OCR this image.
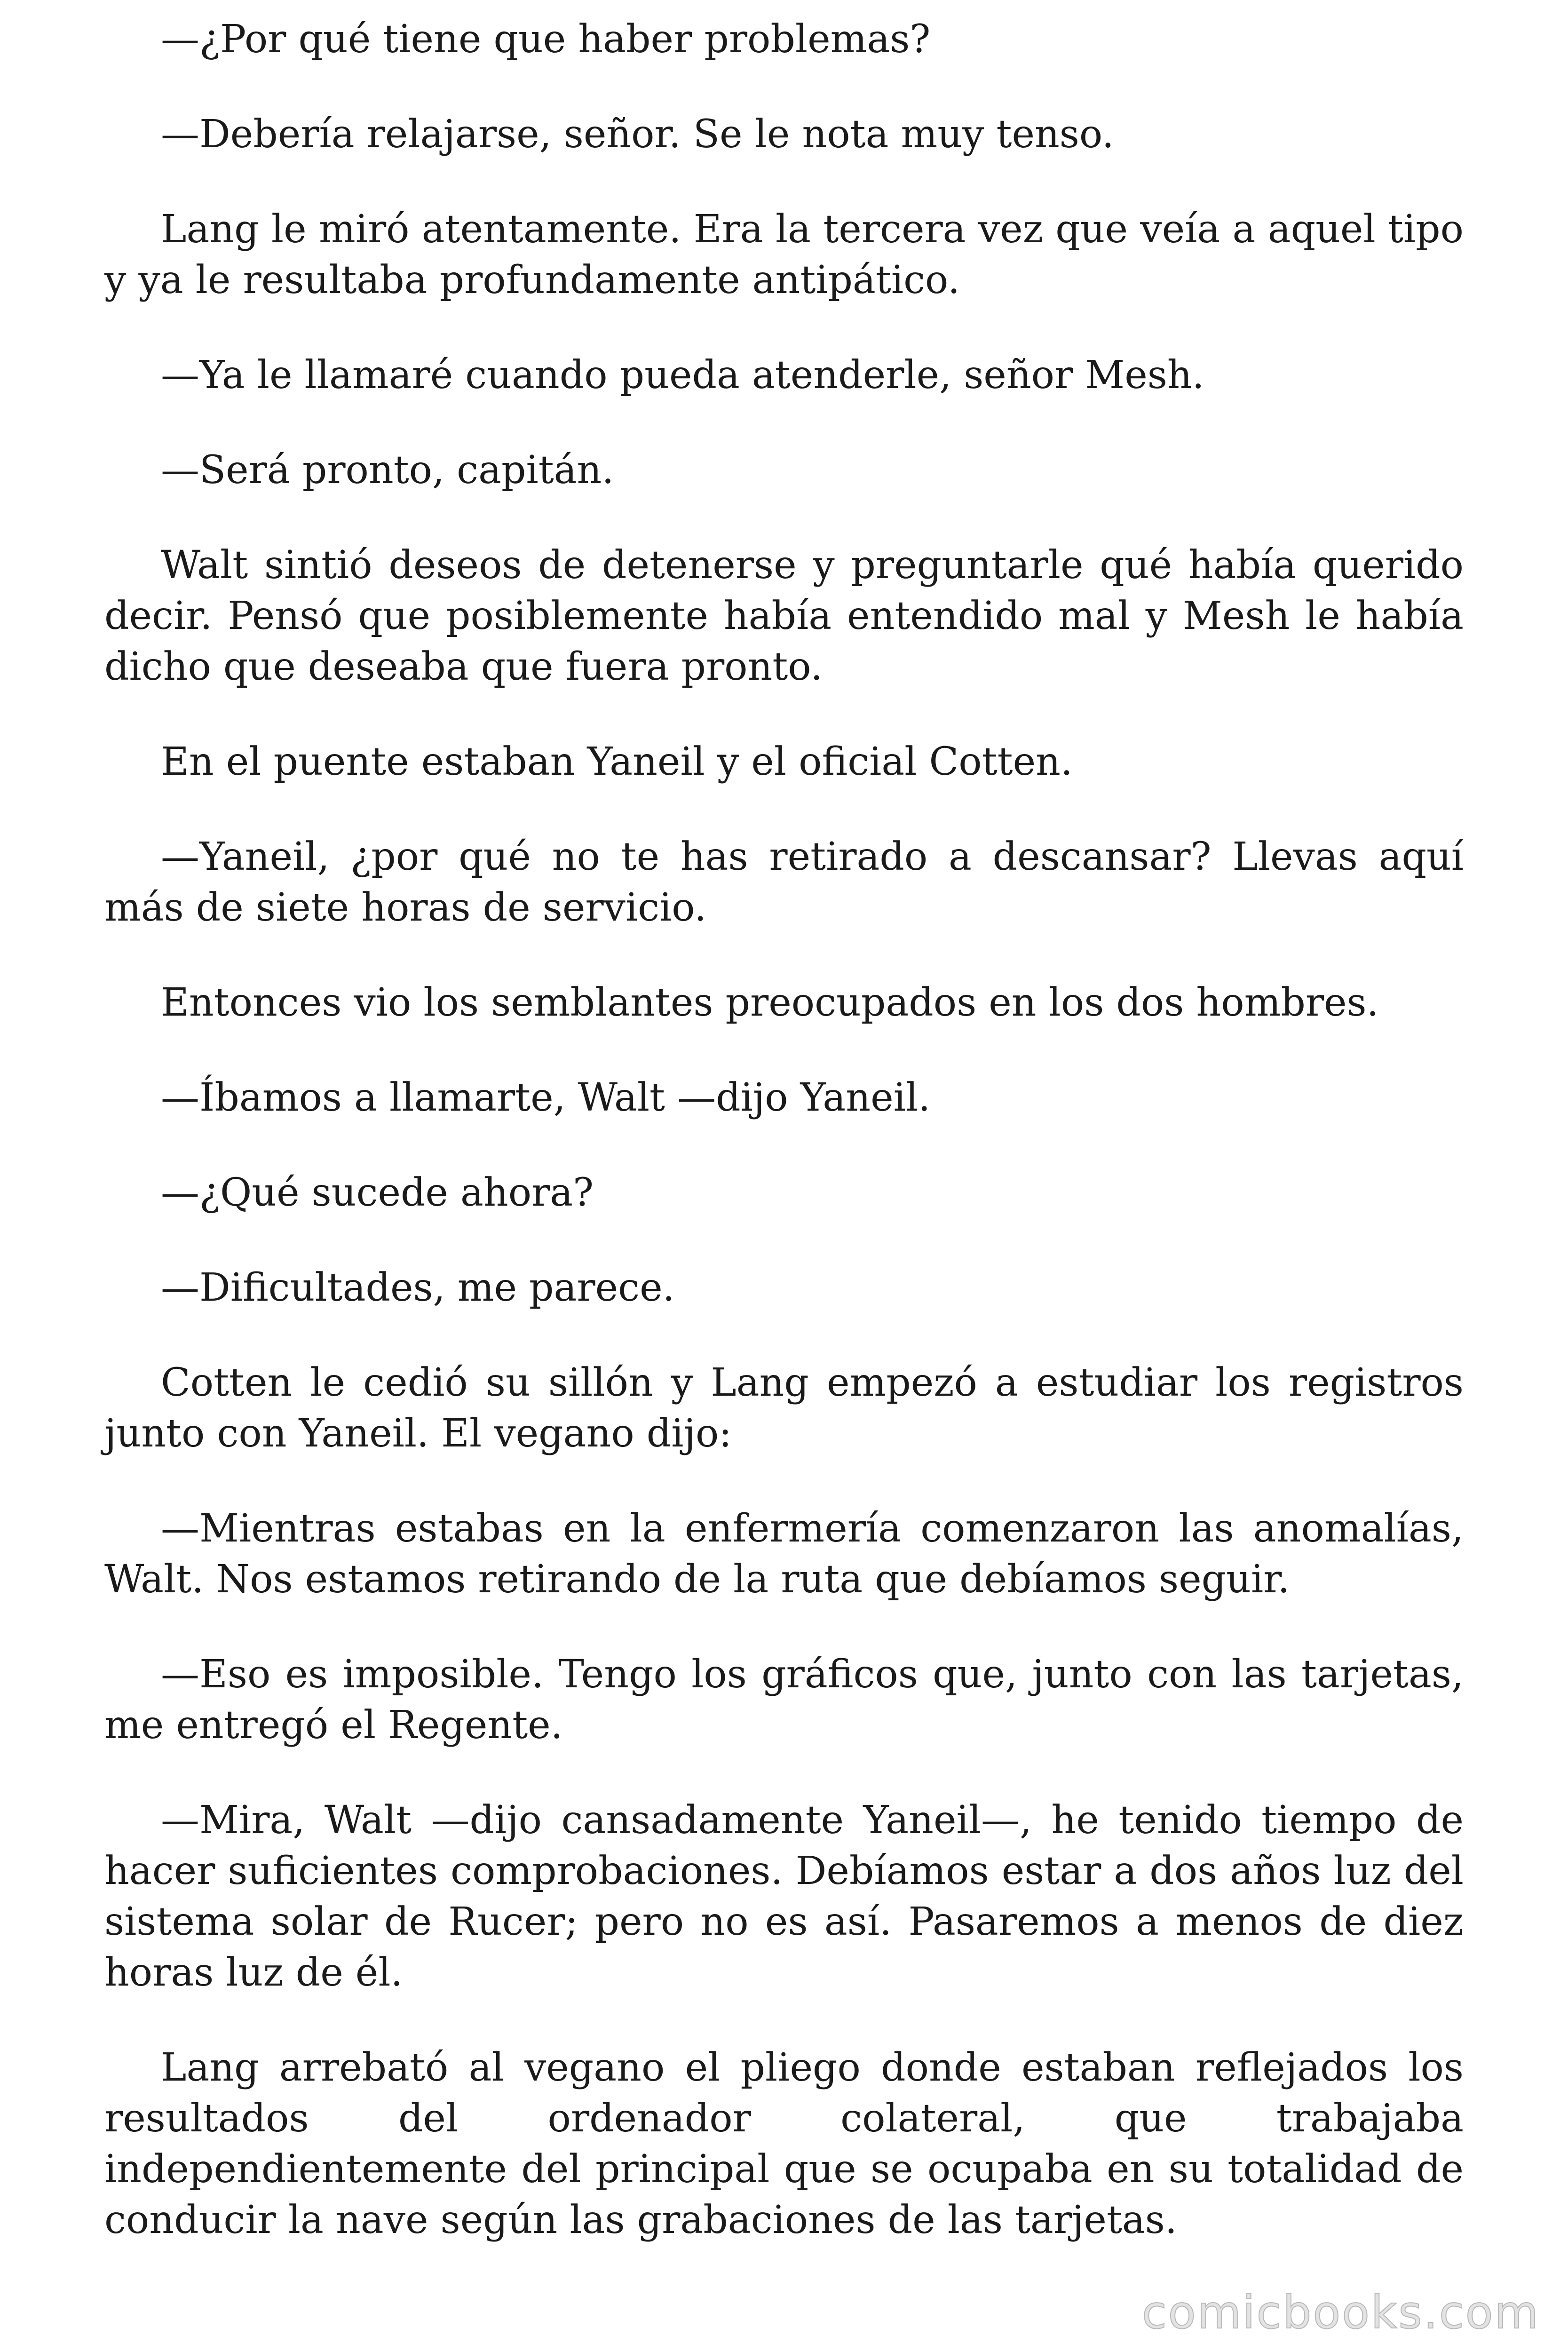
—¿Por qué tiene que haber problemas?

—Debería relajarse, señor. Se le nota muy tenso.

Lang le miró atentamente. Era la tercera vez que veía a aquel tipo y ya le resultaba profundamente antipático.

—Ya le llamaré cuando pueda atenderle, señor Mesh.

—Será pronto, capitán.

Walt sintió deseos de detenerse y preguntarle qué había querido decir. Pensó que posiblemente había entendido mal y Mesh le había dicho que deseaba que fuera pronto.

En el puente estaban Yaneil y el oficial Cotten.

—Yaneil, ¿por qué no te has retirado a descansar? Llevas aquí más de siete horas de servicio.

Entonces vio los semblantes preocupados en los dos hombres.

—Íbamos a llamarte, Walt —dijo Yaneil.

—¿Qué sucede ahora?

—Dificultades, me parece.

Cotten le cedió su sillón y Lang empezó a estudiar los registros junto con Yaneil. El vegano dijo:

—Mientras estabas en la enfermería comenzaron las anomalías, Walt. Nos estamos retirando de la ruta que debíamos seguir.

—Eso es imposible. Tengo los gráficos que, junto con las tarjetas, me entregó el Regente.

—Mira, Walt —dijo cansadamente Yaneil—, he tenido tiempo de hacer suficientes comprobaciones. Debíamos estar a dos años luz del sistema solar de Rucer; pero no es así. Pasaremos a menos de diez horas luz de él.

Lang arrebató al vegano el pliego donde estaban reflejados los resultados del ordenador colateral, que trabajaba independientemente del principal que se ocupaba en su totalidad de conducir la nave según las grabaciones de las tarjetas.

comicbooks.com
